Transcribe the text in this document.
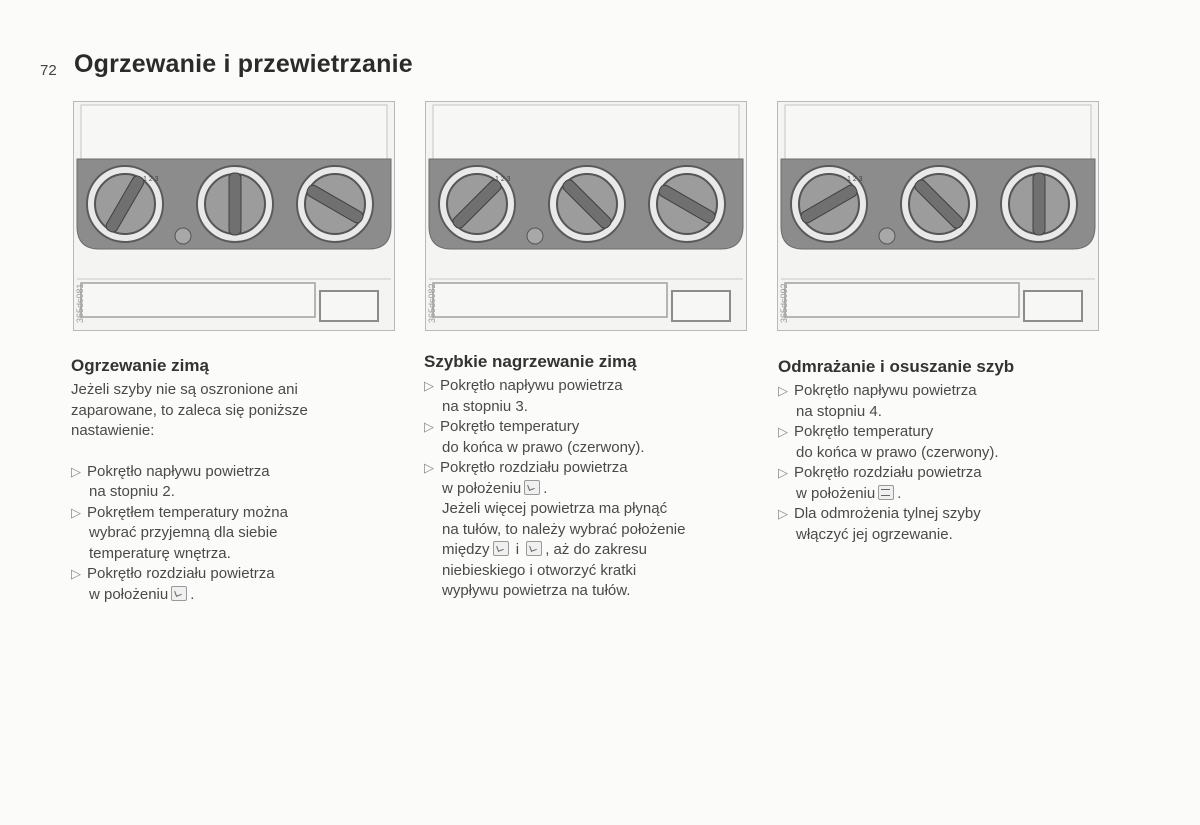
72 Ogrzewanie i przewietrzanie
1 2 3
365ds081
1 2 3
365ds082
1 2 3
365ds092
Ogrzewanie zimą

Jeżeli szyby nie są oszronione ani
zaparowane, to zaleca się poniższe
nastawienie:

▷ Pokrętło napływu powietrza
na stopniu 2.
▷ Pokrętłem temperatury można
wybrać przyjemną dla siebie
temperaturę wnętrza.
▷ Pokrętło rozdziału powietrza
w położeniu .
Szybkie nagrzewanie zimą
▷ Pokrętło napływu powietrza
na stopniu 3.
▷ Pokrętło temperatury
do końca w prawo (czerwony).
▷ Pokrętło rozdziału powietrza
w położeniu .
Jeżeli więcej powietrza ma płynąć
na tułów, to należy wybrać położenie
między i , aż do zakresu
niebieskiego i otworzyć kratki
wypływu powietrza na tułów.
Odmrażanie i osuszanie szyb
▷ Pokrętło napływu powietrza
na stopniu 4.
▷ Pokrętło temperatury
do końca w prawo (czerwony).
▷ Pokrętło rozdziału powietrza
w położeniu .
▷ Dla odmrożenia tylnej szyby
włączyć jej ogrzewanie.
